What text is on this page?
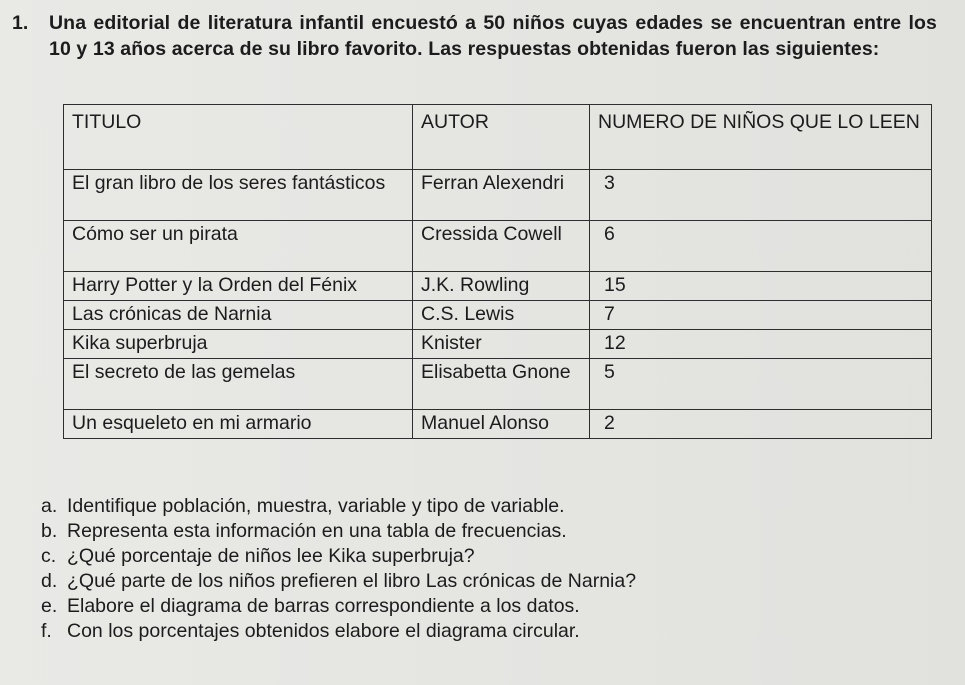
1. Una editorial de literatura infantil encuestó a 50 niños cuyas edades se encuentran entre los 10 y 13 años acerca de su libro favorito. Las respuestas obtenidas fueron las siguientes:
TITULO	AUTOR	NUMERO DE NIÑOS QUE LO LEEN
El gran libro de los seres fantásticos	Ferran Alexendri	3
Cómo ser un pirata	Cressida Cowell	6
Harry Potter y la Orden del Fénix	J.K. Rowling	15
Las crónicas de Narnia	C.S. Lewis	7
Kika superbruja	Knister	12
El secreto de las gemelas	Elisabetta Gnone	5
Un esqueleto en mi armario	Manuel Alonso	2
a. Identifique población, muestra, variable y tipo de variable.
b. Representa esta información en una tabla de frecuencias.
c. ¿Qué porcentaje de niños lee Kika superbruja?
d. ¿Qué parte de los niños prefieren el libro Las crónicas de Narnia?
e. Elabore el diagrama de barras correspondiente a los datos.
f. Con los porcentajes obtenidos elabore el diagrama circular.
